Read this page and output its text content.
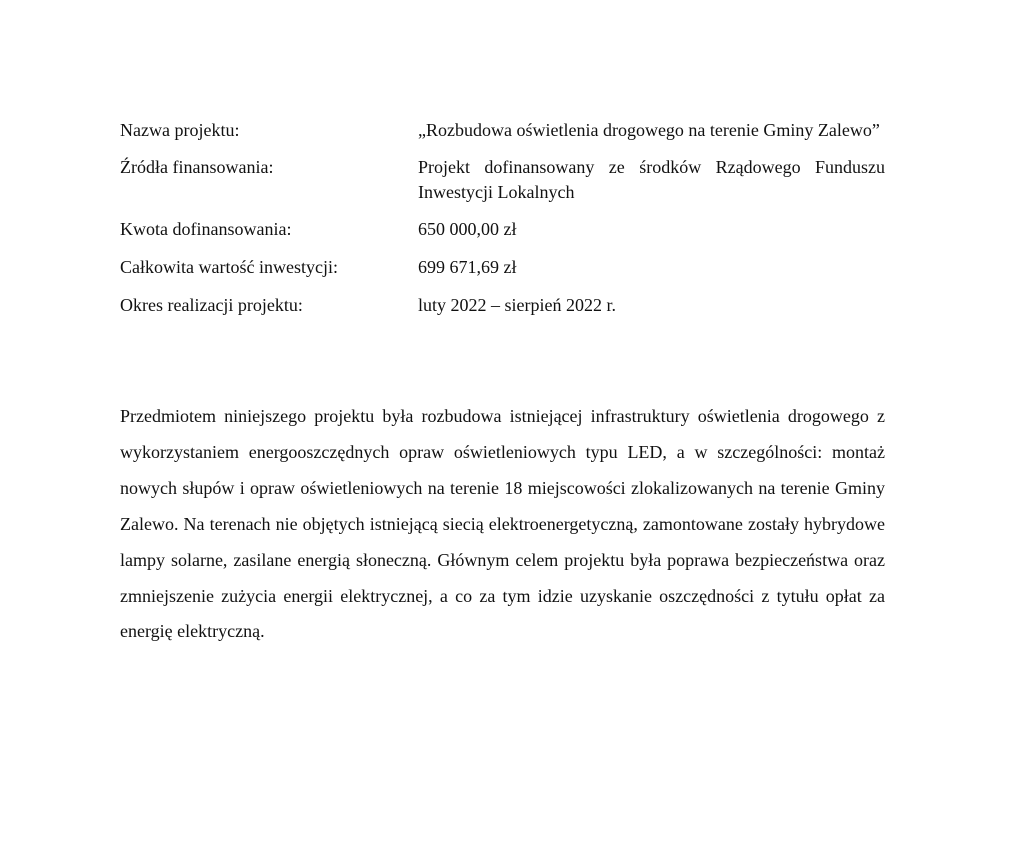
Nazwa projektu:	„Rozbudowa oświetlenia drogowego na terenie Gminy Zalewo”
Źródła finansowania:	Projekt dofinansowany ze środków Rządowego Funduszu Inwestycji Lokalnych
Kwota dofinansowania:	650 000,00 zł
Całkowita wartość inwestycji:	699 671,69 zł
Okres realizacji projektu:	luty 2022 – sierpień 2022 r.

Przedmiotem niniejszego projektu była rozbudowa istniejącej infrastruktury oświetlenia drogowego z wykorzystaniem energooszczędnych opraw oświetleniowych typu LED, a w szczególności: montaż nowych słupów i opraw oświetleniowych na terenie 18 miejscowości zlokalizowanych na terenie Gminy Zalewo. Na terenach nie objętych istniejącą siecią elektroenergetyczną, zamontowane zostały hybrydowe lampy solarne, zasilane energią słoneczną. Głównym celem projektu była poprawa bezpieczeństwa oraz zmniejszenie zużycia energii elektrycznej, a co za tym idzie uzyskanie oszczędności z tytułu opłat za energię elektryczną.
